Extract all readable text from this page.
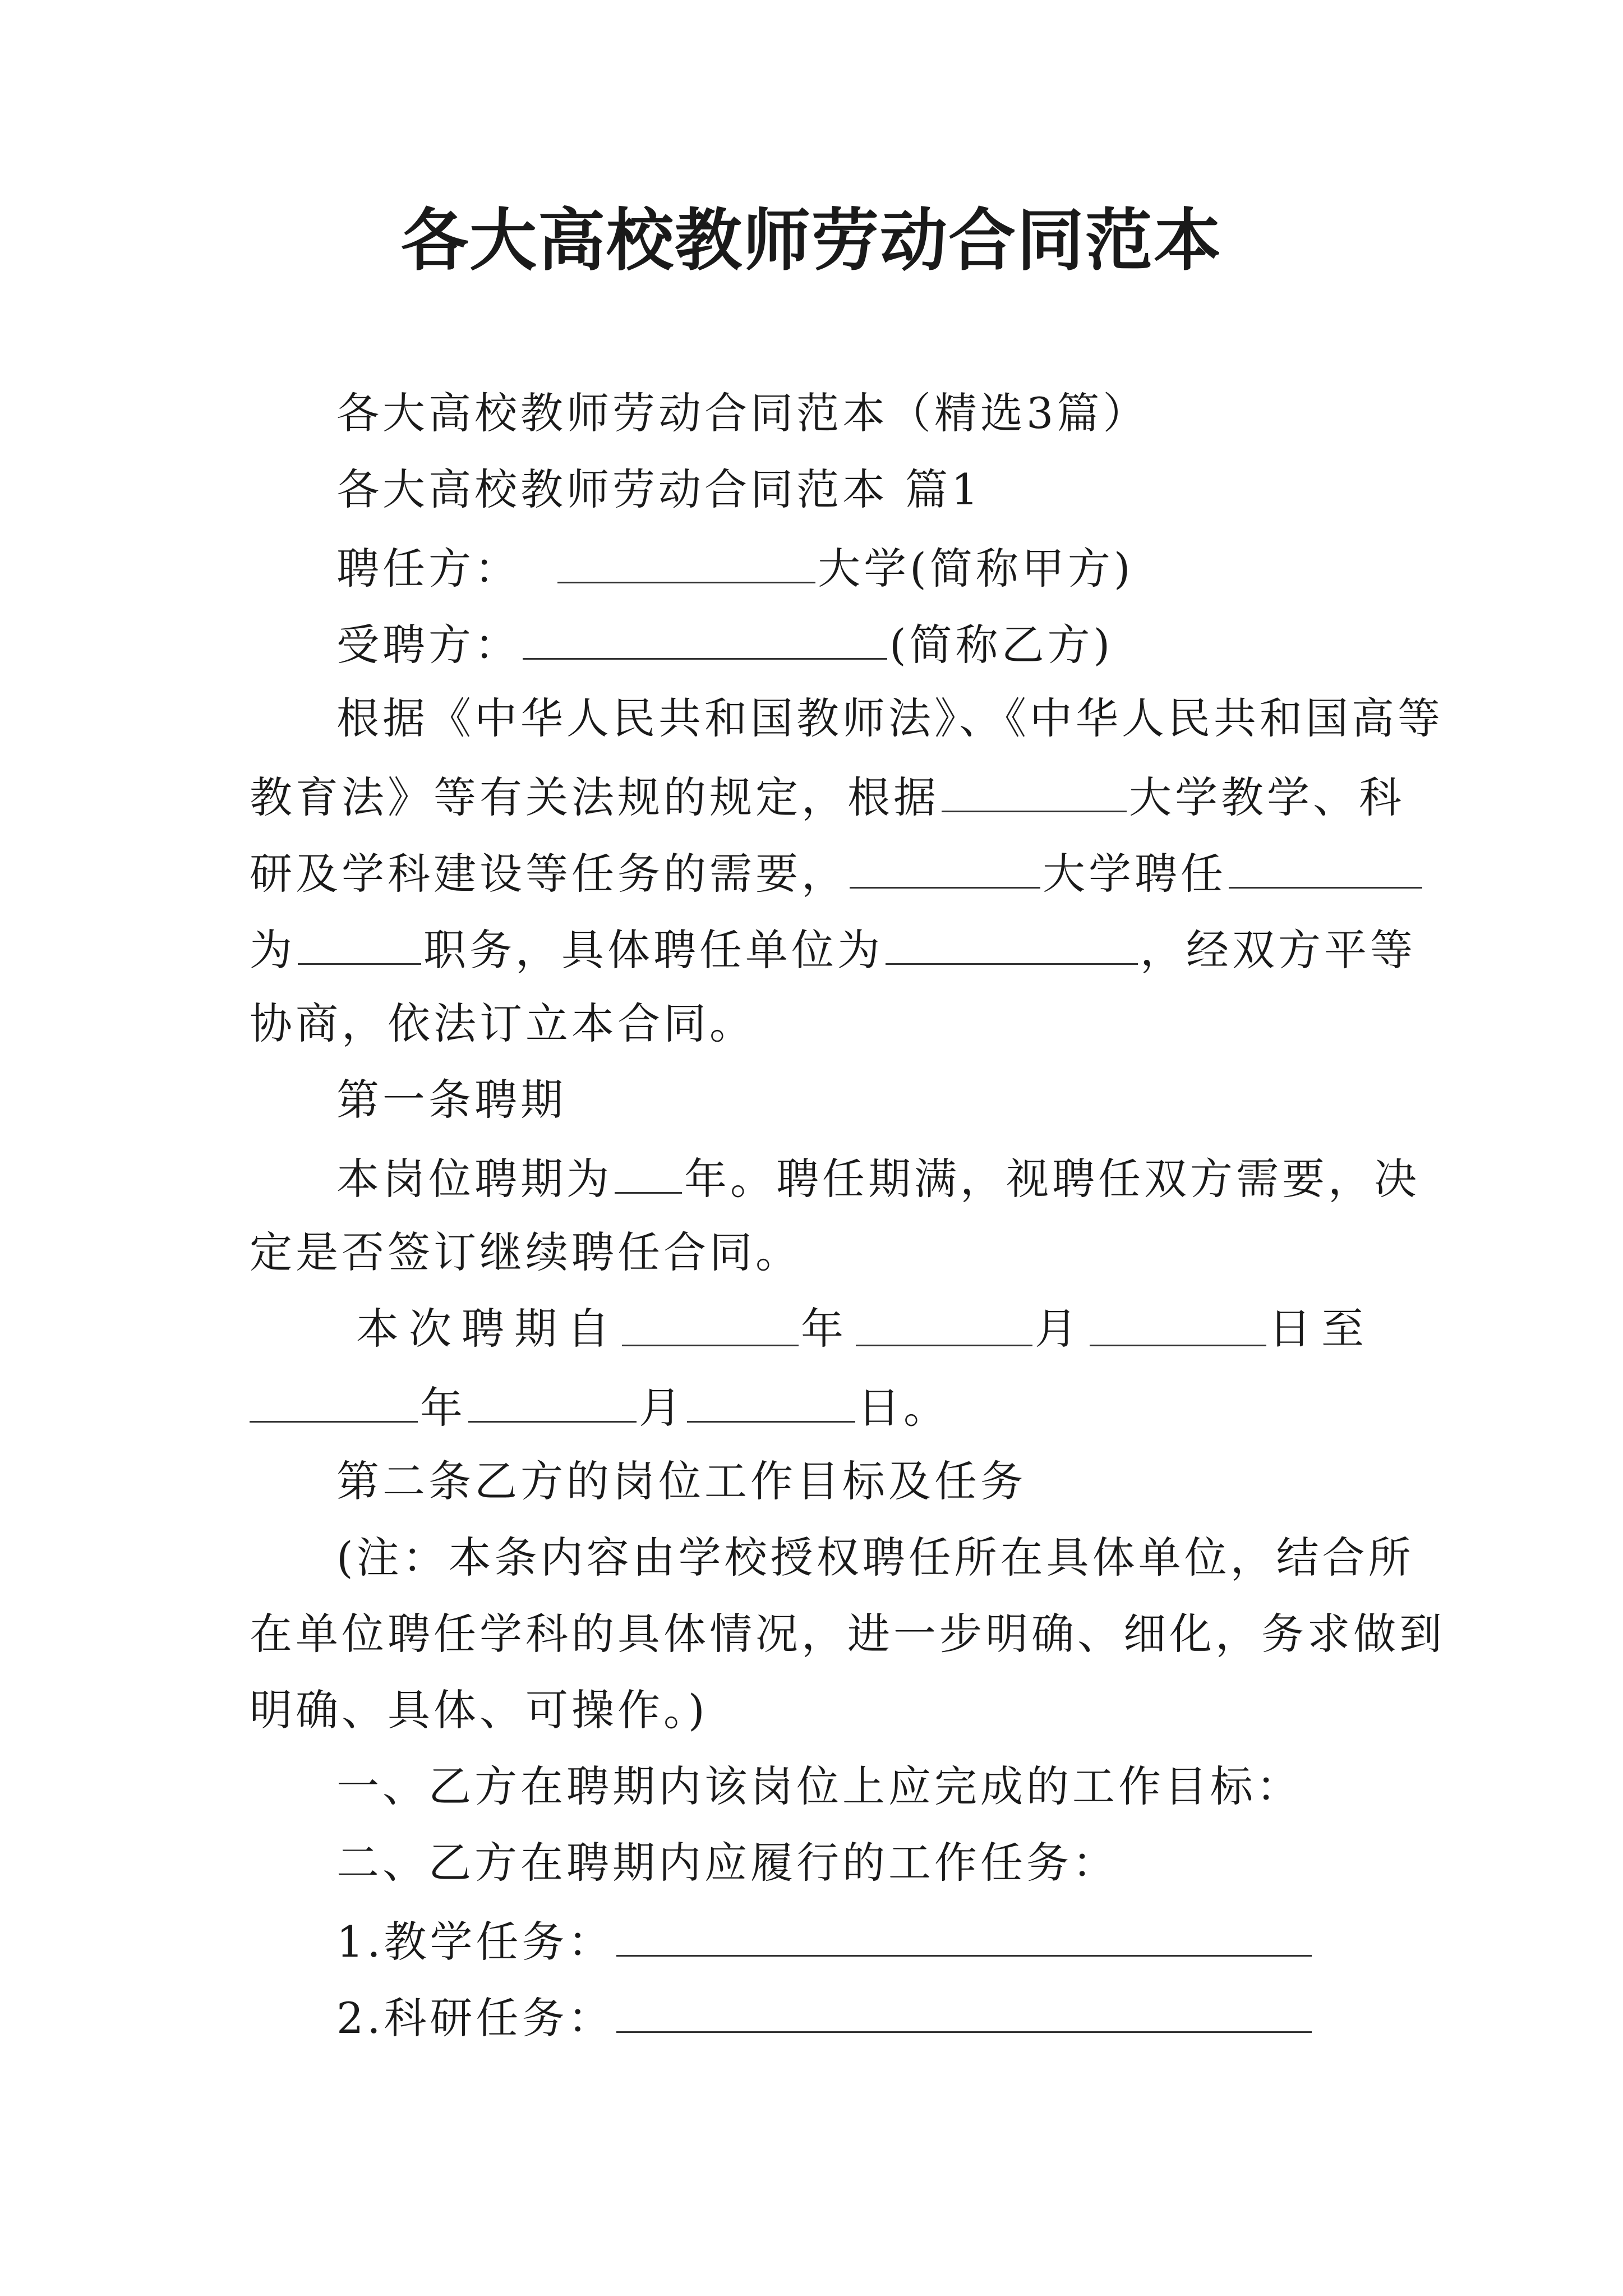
各大高校教师劳动合同范本
各大高校教师劳动合同范本（精选3篇）
各大高校教师劳动合同范本 篇1
聘任方：	大学(简称甲方)
受聘方：	(简称乙方)
根据《中华人民共和国教师法》、《中华人民共和国高等
教育法》等有关法规的规定，根据	大学教学、科
研及学科建设等任务的需要，	大学聘任
为	职务，具体聘任单位为	，经双方平等
协商，依法订立本合同。
第一条聘期
本岗位聘期为 年。聘任期满，视聘任双方需要，决
定是否签订继续聘任合同。
本次聘期自	年	月	日至
年	月	日。
第二条乙方的岗位工作目标及任务
(注：本条内容由学校授权聘任所在具体单位，结合所
在单位聘任学科的具体情况，进一步明确、细化，务求做到
明确、具体、可操作。)
一、乙方在聘期内该岗位上应完成的工作目标：
二、乙方在聘期内应履行的工作任务：
1.教学任务：
2.科研任务：
